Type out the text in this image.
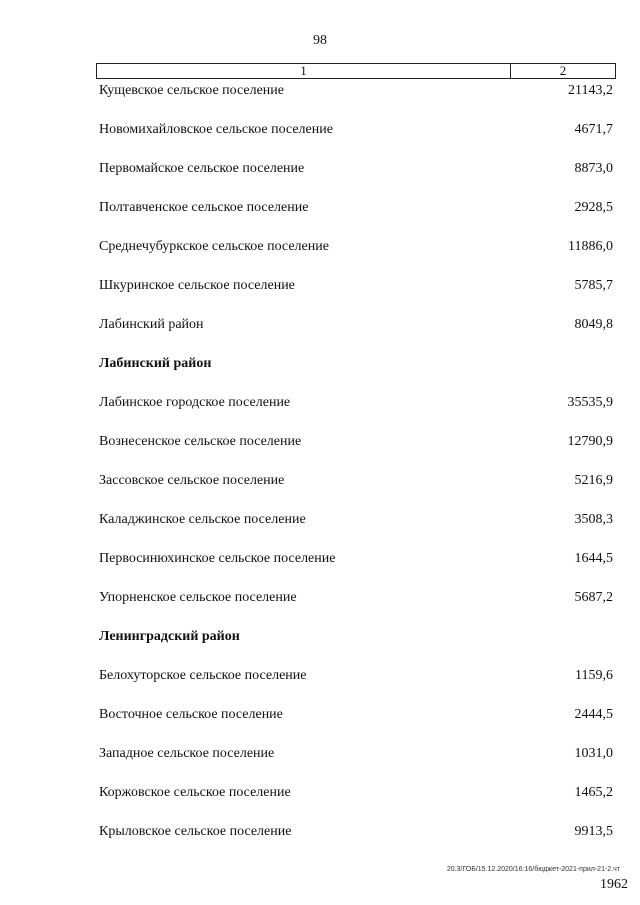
98
1	2
Кущевское сельское поселение	21143,2
Новомихайловское сельское поселение	4671,7
Первомайское сельское поселение	8873,0
Полтавченское сельское поселение	2928,5
Среднечубуркское сельское поселение	11886,0
Шкуринское сельское поселение	5785,7
Лабинский район	8049,8
Лабинский район
Лабинское городское поселение	35535,9
Вознесенское сельское поселение	12790,9
Зассовское сельское поселение	5216,9
Каладжинское сельское поселение	3508,3
Первосинюхинское сельское поселение	1644,5
Упорненское сельское поселение	5687,2
Ленинградский район
Белохуторское сельское поселение	1159,6
Восточное сельское поселение	2444,5
Западное сельское поселение	1031,0
Коржовское сельское поселение	1465,2
Крыловское сельское поселение	9913,5
20.3/ГОБ/15.12.2020/16:16/бюджет-2021-прил-21-2.чт
1962
